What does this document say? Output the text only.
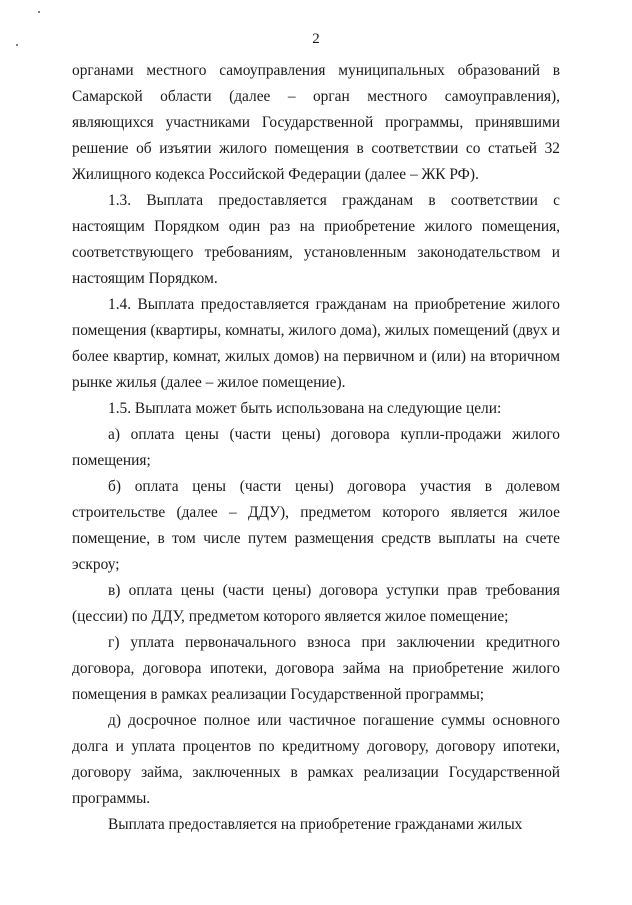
2

органами местного самоуправления муниципальных образований в Самарской области (далее – орган местного самоуправления), являющихся участниками Государственной программы, принявшими решение об изъятии жилого помещения в соответствии со статьей 32 Жилищного кодекса Российской Федерации (далее – ЖК РФ).

1.3. Выплата предоставляется гражданам в соответствии с настоящим Порядком один раз на приобретение жилого помещения, соответствующего требованиям, установленным законодательством и настоящим Порядком.

1.4. Выплата предоставляется гражданам на приобретение жилого помещения (квартиры, комнаты, жилого дома), жилых помещений (двух и более квартир, комнат, жилых домов) на первичном и (или) на вторичном рынке жилья (далее – жилое помещение).

1.5. Выплата может быть использована на следующие цели:

а) оплата цены (части цены) договора купли-продажи жилого помещения;

б) оплата цены (части цены) договора участия в долевом строительстве (далее – ДДУ), предметом которого является жилое помещение, в том числе путем размещения средств выплаты на счете эскроу;

в) оплата цены (части цены) договора уступки прав требования (цессии) по ДДУ, предметом которого является жилое помещение;

г) уплата первоначального взноса при заключении кредитного договора, договора ипотеки, договора займа на приобретение жилого помещения в рамках реализации Государственной программы;

д) досрочное полное или частичное погашение суммы основного долга и уплата процентов по кредитному договору, договору ипотеки, договору займа, заключенных в рамках реализации Государственной программы.

Выплата предоставляется на приобретение гражданами жилых
